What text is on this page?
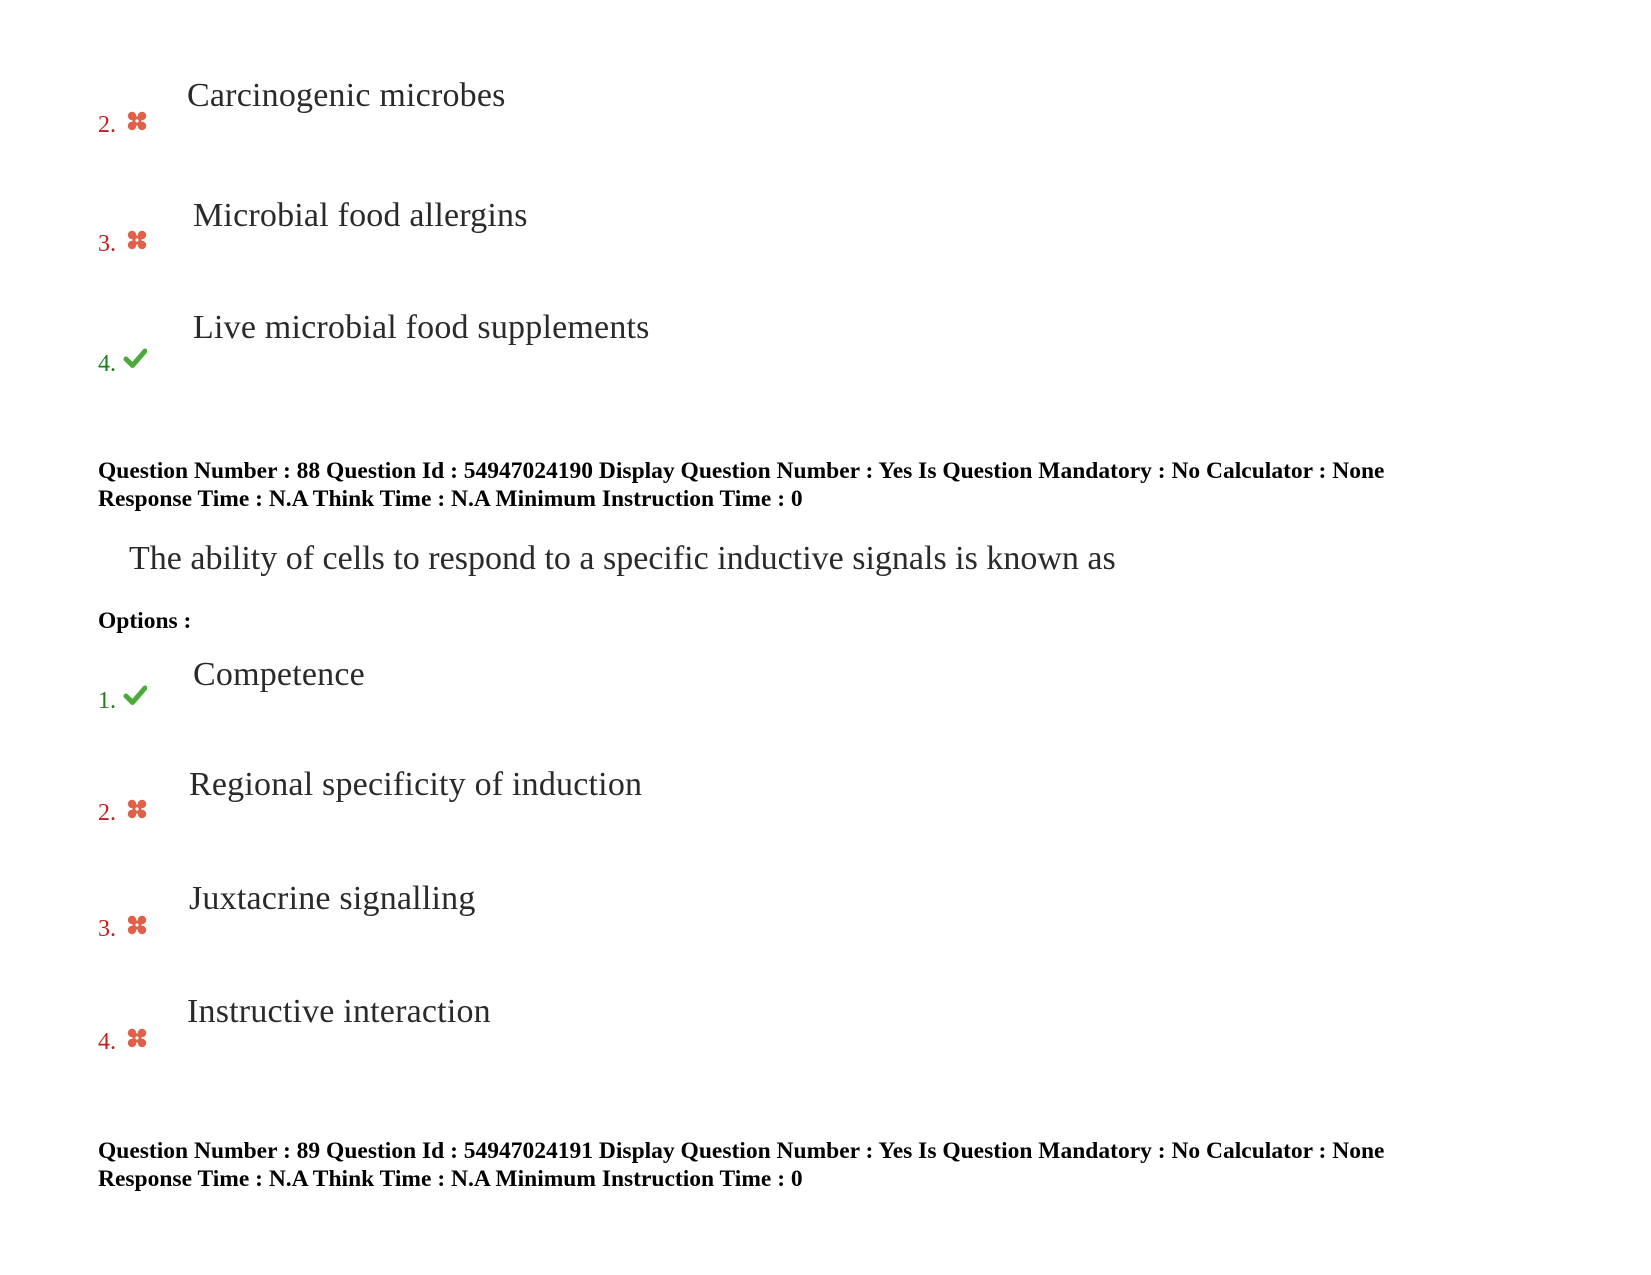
2.
Carcinogenic microbes
3.
Microbial food allergins
4.
Live microbial food supplements
Question Number : 88 Question Id : 54947024190 Display Question Number : Yes Is Question Mandatory : No Calculator : None
Response Time : N.A Think Time : N.A Minimum Instruction Time : 0
The ability of cells to respond to a specific inductive signals is known as
Options :
1.
Competence
2.
Regional specificity of induction
3.
Juxtacrine signalling
4.
Instructive interaction
Question Number : 89 Question Id : 54947024191 Display Question Number : Yes Is Question Mandatory : No Calculator : None
Response Time : N.A Think Time : N.A Minimum Instruction Time : 0
